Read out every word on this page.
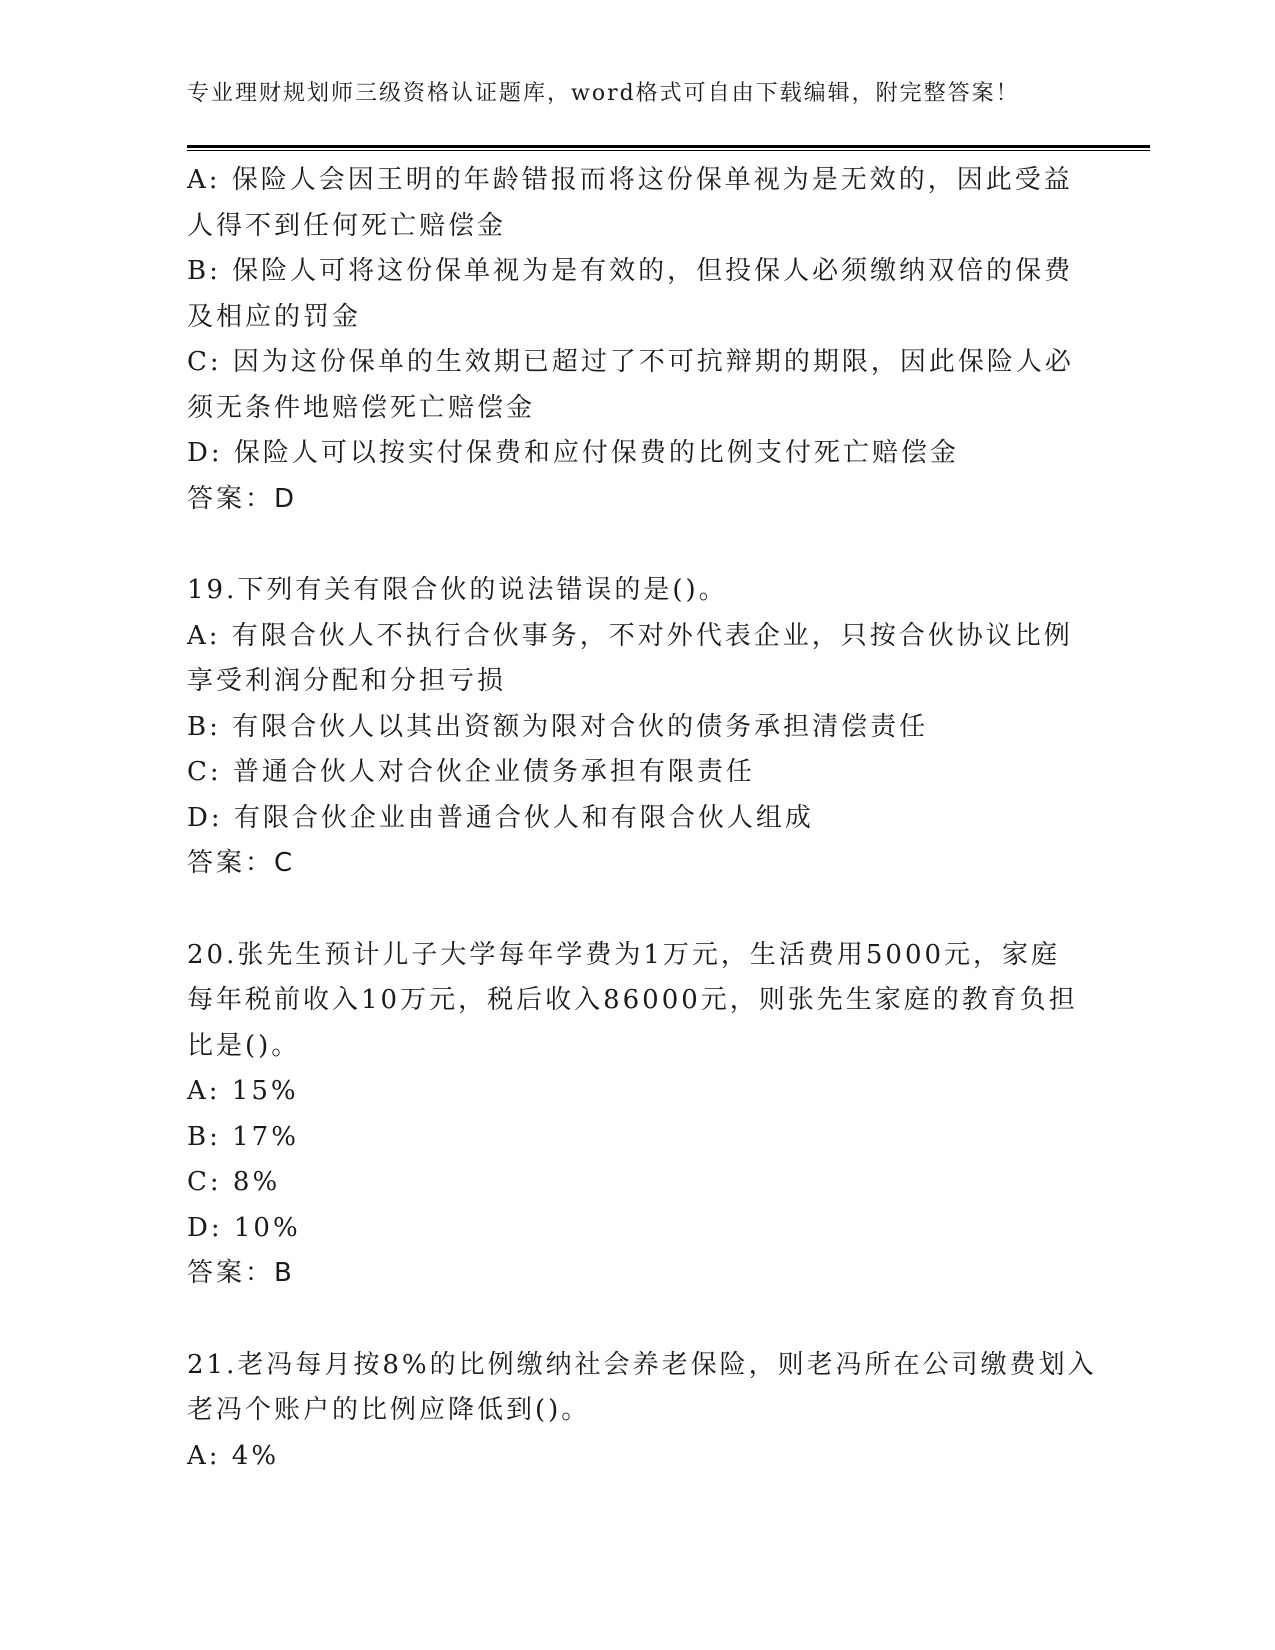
专业理财规划师三级资格认证题库，word格式可自由下载编辑，附完整答案！
A: 保险人会因王明的年龄错报而将这份保单视为是无效的，因此受益
人得不到任何死亡赔偿金
B: 保险人可将这份保单视为是有效的，但投保人必须缴纳双倍的保费
及相应的罚金
C: 因为这份保单的生效期已超过了不可抗辩期的期限，因此保险人必
须无条件地赔偿死亡赔偿金
D: 保险人可以按实付保费和应付保费的比例支付死亡赔偿金
答案：D
19.下列有关有限合伙的说法错误的是()。
A: 有限合伙人不执行合伙事务，不对外代表企业，只按合伙协议比例
享受利润分配和分担亏损
B: 有限合伙人以其出资额为限对合伙的债务承担清偿责任
C: 普通合伙人对合伙企业债务承担有限责任
D: 有限合伙企业由普通合伙人和有限合伙人组成
答案：C
20.张先生预计儿子大学每年学费为1万元，生活费用5000元，家庭
每年税前收入10万元，税后收入86000元，则张先生家庭的教育负担
比是()。
A: 15%
B: 17%
C: 8%
D: 10%
答案：B
21.老冯每月按8%的比例缴纳社会养老保险，则老冯所在公司缴费划入
老冯个账户的比例应降低到()。
A: 4%
